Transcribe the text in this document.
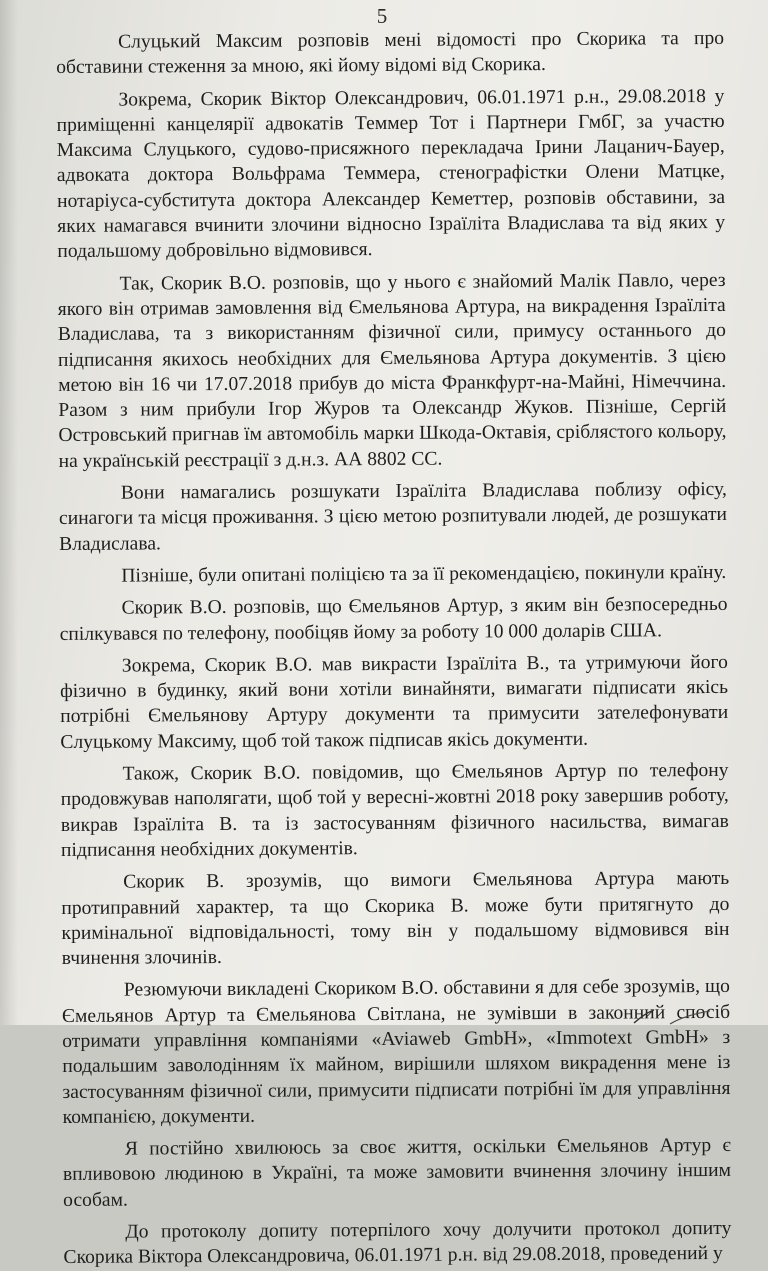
5

Слуцький Максим розповів мені відомості про Скорика та про обставини стеження за мною, які йому відомі від Скорика.

Зокрема, Скорик Віктор Олександрович, 06.01.1971 р.н., 29.08.2018 у приміщенні канцелярії адвокатів Теммер Тот і Партнери ГмбГ, за участю Максима Слуцького, судово-присяжного перекладача Ірини Лацанич-Бауер, адвоката доктора Вольфрама Теммера, стенографістки Олени Матцке, нотаріуса-субститута доктора Александер Кеметтер, розповів обставини, за яких намагався вчинити злочини відносно Ізраїліта Владислава та від яких у подальшому добровільно відмовився.

Так, Скорик В.О. розповів, що у нього є знайомий Малік Павло, через якого він отримав замовлення від Ємельянова Артура, на викрадення Ізраїліта Владислава, та з використанням фізичної сили, примусу останнього до підписання якихось необхідних для Ємельянова Артура документів. З цією метою він 16 чи 17.07.2018 прибув до міста Франкфурт-на-Майні, Німеччина. Разом з ним прибули Ігор Журов та Олександр Жуков. Пізніше, Сергій Островський пригнав їм автомобіль марки Шкода-Октавія, сріблястого кольору, на українській реєстрації з д.н.з. АА 8802 СС.

Вони намагались розшукати Ізраїліта Владислава поблизу офісу, синагоги та місця проживання. З цією метою розпитували людей, де розшукати Владислава.

Пізніше, були опитані поліцією та за її рекомендацією, покинули країну.

Скорик В.О. розповів, що Ємельянов Артур, з яким він безпосередньо спілкувався по телефону, пообіцяв йому за роботу 10 000 доларів США.

Зокрема, Скорик В.О. мав викрасти Ізраїліта В., та утримуючи його фізично в будинку, який вони хотіли винайняти, вимагати підписати якісь потрібні Ємельянову Артуру документи та примусити зателефонувати Слуцькому Максиму, щоб той також підписав якісь документи.

Також, Скорик В.О. повідомив, що Ємельянов Артур по телефону продовжував наполягати, щоб той у вересні-жовтні 2018 року завершив роботу, викрав Ізраїліта В. та із застосуванням фізичного насильства, вимагав підписання необхідних документів.

Скорик В. зрозумів, що вимоги Ємельянова Артура мають протиправний характер, та що Скорика В. може бути притягнуто до кримінальної відповідальності, тому він у подальшому відмовився він вчинення злочинів.

Резюмуючи викладені Скориком В.О. обставини я для себе зрозумів, що Ємельянов Артур та Ємельянова Світлана, не зумівши в законний спосіб отримати управління компаніями «Aviaweb GmbH», «Immotext GmbH» з подальшим заволодінням їх майном, вирішили шляхом викрадення мене із застосуванням фізичної сили, примусити підписати потрібні їм для управління компанією, документи.

Я постійно хвилююсь за своє життя, оскільки Ємельянов Артур є впливовою людиною в Україні, та може замовити вчинення злочину іншим особам.

До протоколу допиту потерпілого хочу долучити протокол допиту Скорика Віктора Олександровича, 06.01.1971 р.н. від 29.08.2018, проведений у
